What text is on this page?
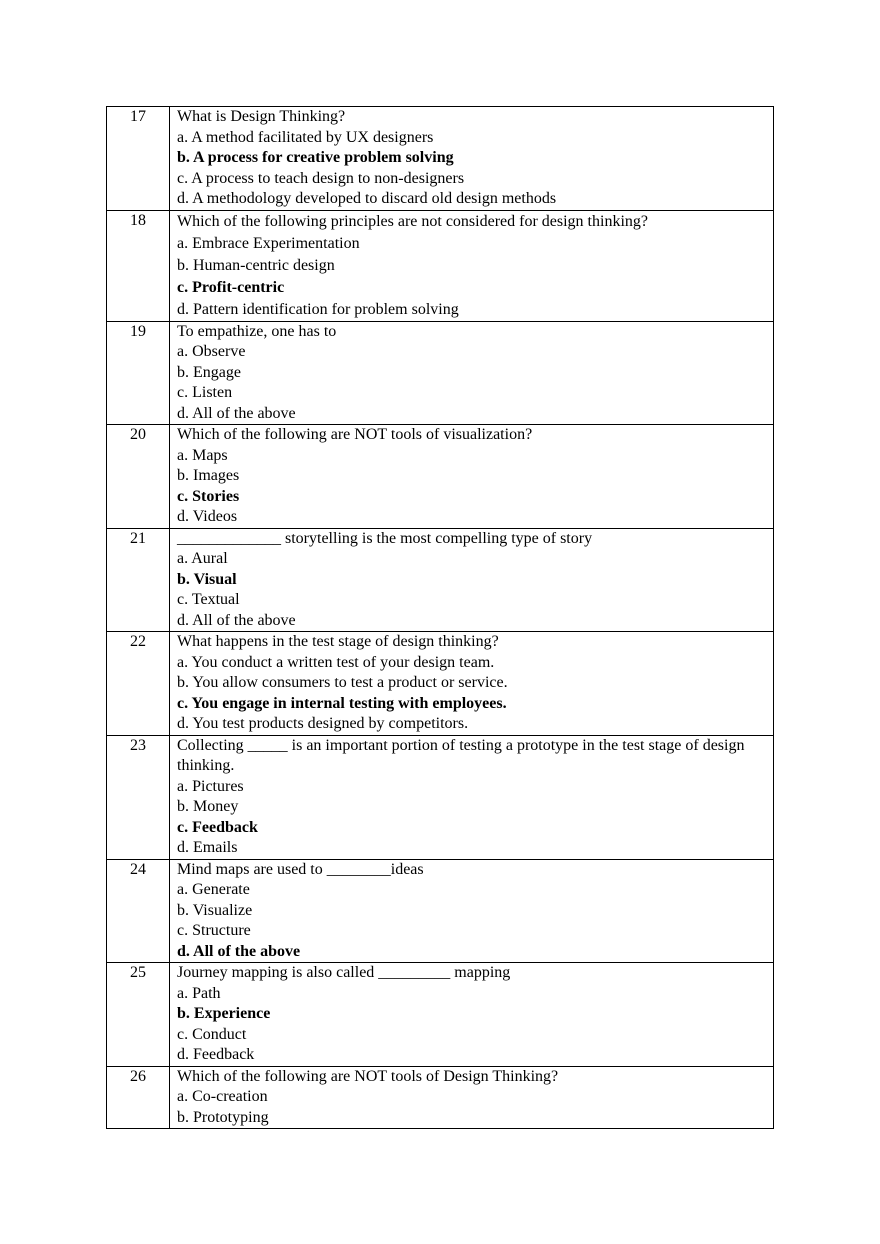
17	What is Design Thinking?
a. A method facilitated by UX designers
b. A process for creative problem solving
c. A process to teach design to non-designers
d. A methodology developed to discard old design methods

18	Which of the following principles are not considered for design thinking?
a. Embrace Experimentation
b. Human-centric design
c. Profit-centric
d. Pattern identification for problem solving

19	To empathize, one has to
a. Observe
b. Engage
c. Listen
d. All of the above

20	Which of the following are NOT tools of visualization?
a. Maps
b. Images
c. Stories
d. Videos

21	_____________ storytelling is the most compelling type of story
a. Aural
b. Visual
c. Textual
d. All of the above

22	What happens in the test stage of design thinking?
a. You conduct a written test of your design team.
b. You allow consumers to test a product or service.
c. You engage in internal testing with employees.
d. You test products designed by competitors.

23	Collecting _____ is an important portion of testing a prototype in the test stage of design thinking.
a. Pictures
b. Money
c. Feedback
d. Emails

24	Mind maps are used to ________ideas
a. Generate
b. Visualize
c. Structure
d. All of the above

25	Journey mapping is also called _________ mapping
a. Path
b. Experience
c. Conduct
d. Feedback

26	Which of the following are NOT tools of Design Thinking?
a. Co-creation
b. Prototyping
